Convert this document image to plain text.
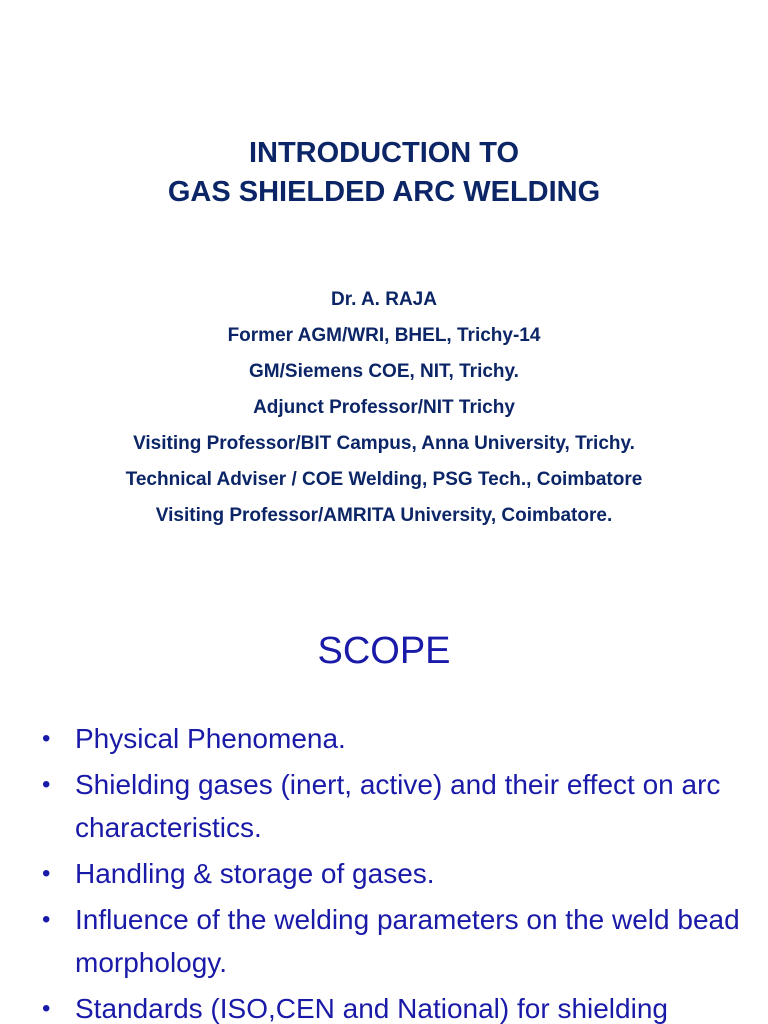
INTRODUCTION TO
GAS SHIELDED ARC WELDING
Dr. A. RAJA
Former AGM/WRI, BHEL, Trichy-14
GM/Siemens COE, NIT, Trichy.
Adjunct Professor/NIT Trichy
Visiting Professor/BIT Campus, Anna University, Trichy.
Technical Adviser / COE Welding, PSG Tech., Coimbatore
Visiting Professor/AMRITA University, Coimbatore.
SCOPE
• Physical Phenomena.
• Shielding gases (inert, active) and their effect on arc characteristics.
• Handling & storage of gases.
• Influence of the welding parameters on the weld bead morphology.
• Standards (ISO,CEN and National) for shielding
